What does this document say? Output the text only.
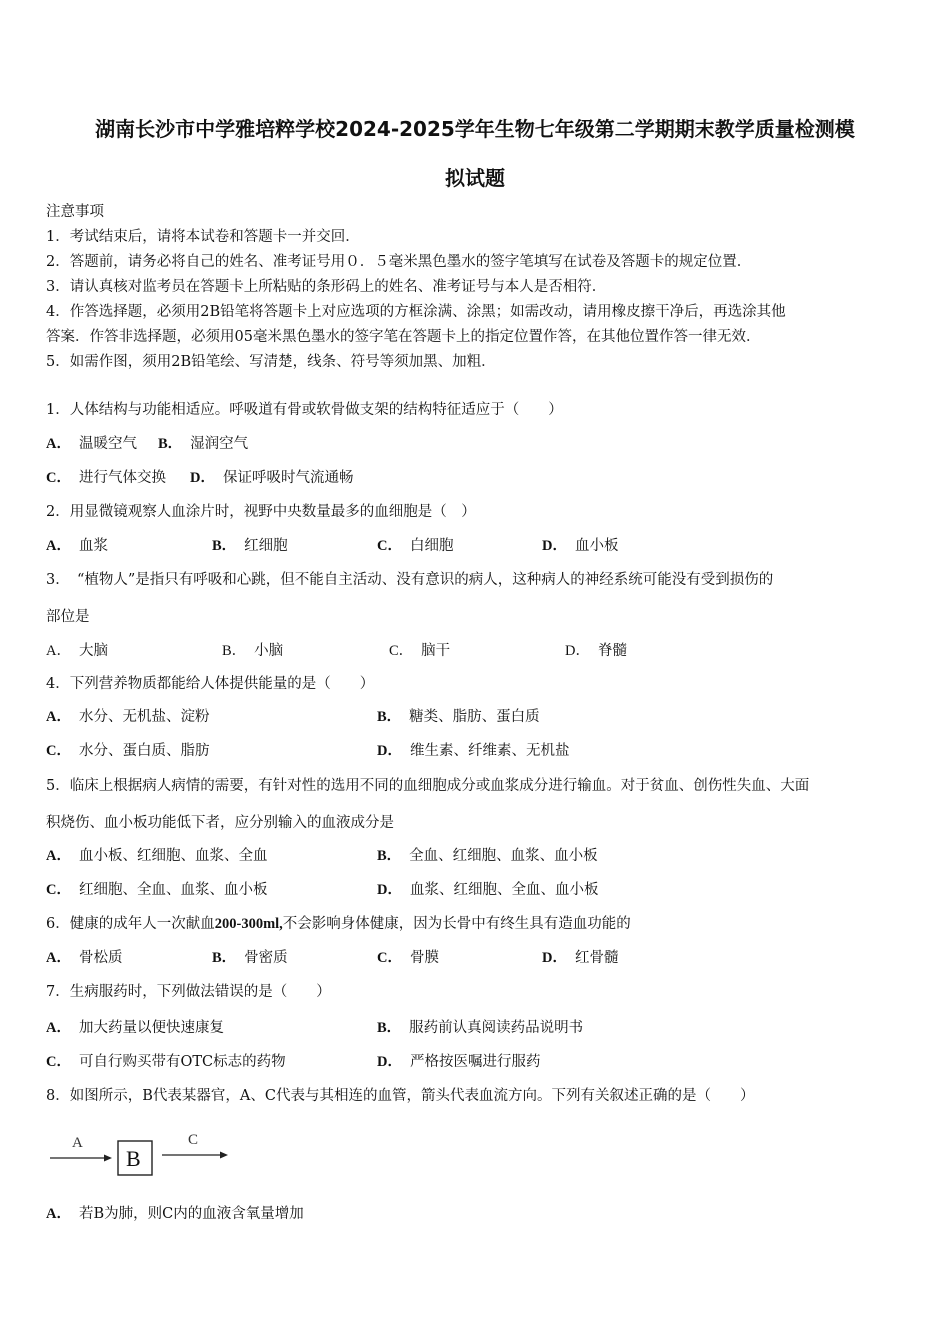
湖南长沙市中学雅培粹学校2024-2025学年生物七年级第二学期期末教学质量检测模
拟试题
注意事项
1．考试结束后，请将本试卷和答题卡一并交回．
2．答题前，请务必将自己的姓名、准考证号用０．５毫米黑色墨水的签字笔填写在试卷及答题卡的规定位置．
3．请认真核对监考员在答题卡上所粘贴的条形码上的姓名、准考证号与本人是否相符．
4．作答选择题，必须用2B铅笔将答题卡上对应选项的方框涂满、涂黑；如需改动，请用橡皮擦干净后，再选涂其他
答案．作答非选择题，必须用05毫米黑色墨水的签字笔在答题卡上的指定位置作答，在其他位置作答一律无效．
5．如需作图，须用2B铅笔绘、写清楚，线条、符号等须加黑、加粗．
1．人体结构与功能相适应。呼吸道有骨或软骨做支架的结构特征适应于（　　）
A． 温暖空气 B． 湿润空气
C． 进行气体交换 D． 保证呼吸时气流通畅
2．用显微镜观察人血涂片时，视野中央数量最多的血细胞是（　）
A． 血浆	B． 红细胞	C． 白细胞	D． 血小板
3．　“植物人”是指只有呼吸和心跳，但不能自主活动、没有意识的病人，这种病人的神经系统可能没有受到损伤的
部位是
A． 大脑	B． 小脑	C． 脑干	D． 脊髓
4．下列营养物质都能给人体提供能量的是（　　）
A． 水分、无机盐、淀粉	B． 糖类、脂肪、蛋白质
C． 水分、蛋白质、脂肪	D． 维生素、纤维素、无机盐
5．临床上根据病人病情的需要，有针对性的选用不同的血细胞成分或血浆成分进行输血。对于贫血、创伤性失血、大面
积烧伤、血小板功能低下者，应分别输入的血液成分是
A． 血小板、红细胞、血浆、全血	B． 全血、红细胞、血浆、血小板
C． 红细胞、全血、血浆、血小板	D． 血浆、红细胞、全血、血小板
6．健康的成年人一次献血200-300ml,不会影响身体健康，因为长骨中有终生具有造血功能的
A． 骨松质	B． 骨密质	C． 骨膜	D． 红骨髓
7．生病服药时，下列做法错误的是（　　）
A． 加大药量以便快速康复	B． 服药前认真阅读药品说明书
C． 可自行购买带有OTC标志的药物	D． 严格按医嘱进行服药
8．如图所示，B代表某器官，A、C代表与其相连的血管，箭头代表血流方向。下列有关叙述正确的是（　　）
A
B
C
A． 若B为肺，则C内的血液含氧量增加
